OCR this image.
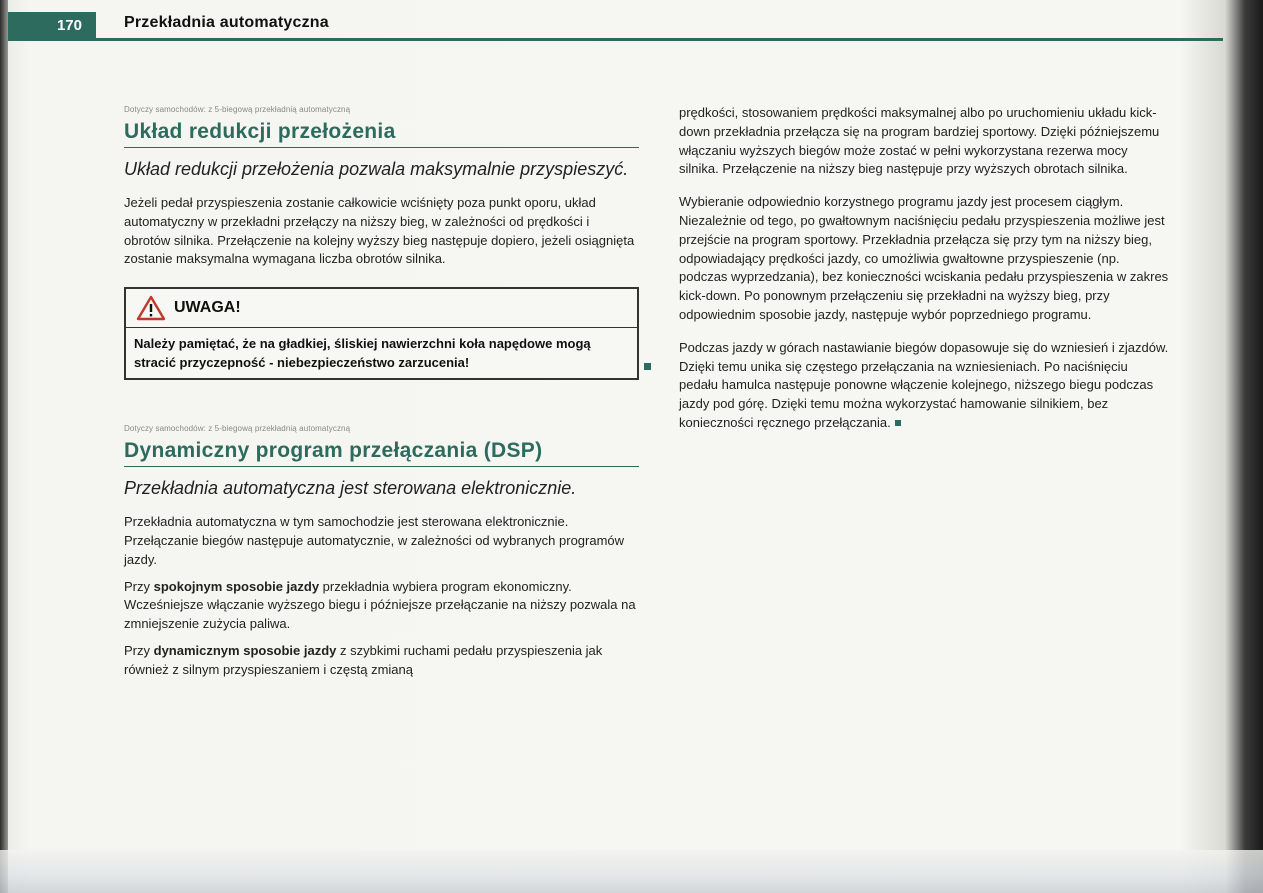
170	Przekładnia automatyczna
Dotyczy samochodów: z 5-biegową przekładnią automatyczną
Układ redukcji przełożenia
Układ redukcji przełożenia pozwala maksymalnie przyspieszyć.

Jeżeli pedał przyspieszenia zostanie całkowicie wciśnięty poza punkt oporu, układ automatyczny w przekładni przełączy na niższy bieg, w zależności od prędkości i obrotów silnika. Przełączenie na kolejny wyższy bieg następuje dopiero, jeżeli osiągnięta zostanie maksymalna wymagana liczba obrotów silnika.

UWAGA!
Należy pamiętać, że na gładkiej, śliskiej nawierzchni koła napędowe mogą stracić przyczepność - niebezpieczeństwo zarzucenia!
Dotyczy samochodów: z 5-biegową przekładnią automatyczną
Dynamiczny program przełączania (DSP)
Przekładnia automatyczna jest sterowana elektronicznie.

Przekładnia automatyczna w tym samochodzie jest sterowana elektronicznie. Przełączanie biegów następuje automatycznie, w zależności od wybranych programów jazdy.

Przy spokojnym sposobie jazdy przekładnia wybiera program ekonomiczny. Wcześniejsze włączanie wyższego biegu i późniejsze przełączanie na niższy pozwala na zmniejszenie zużycia paliwa.

Przy dynamicznym sposobie jazdy z szybkimi ruchami pedału przyspieszenia jak również z silnym przyspieszaniem i częstą zmianą

prędkości, stosowaniem prędkości maksymalnej albo po uruchomieniu układu kick-down przekładnia przełącza się na program bardziej sportowy. Dzięki późniejszemu włączaniu wyższych biegów może zostać w pełni wykorzystana rezerwa mocy silnika. Przełączenie na niższy bieg następuje przy wyższych obrotach silnika.

Wybieranie odpowiednio korzystnego programu jazdy jest procesem ciągłym. Niezależnie od tego, po gwałtownym naciśnięciu pedału przyspieszenia możliwe jest przejście na program sportowy. Przekładnia przełącza się przy tym na niższy bieg, odpowiadający prędkości jazdy, co umożliwia gwałtowne przyspieszenie (np. podczas wyprzedzania), bez konieczności wciskania pedału przyspieszenia w zakres kick-down. Po ponownym przełączeniu się przekładni na wyższy bieg, przy odpowiednim sposobie jazdy, następuje wybór poprzedniego programu.

Podczas jazdy w górach nastawianie biegów dopasowuje się do wzniesień i zjazdów. Dzięki temu unika się częstego przełączania na wzniesieniach. Po naciśnięciu pedału hamulca następuje ponowne włączenie kolejnego, niższego biegu podczas jazdy pod górę. Dzięki temu można wykorzystać hamowanie silnikiem, bez konieczności ręcznego przełączania.
